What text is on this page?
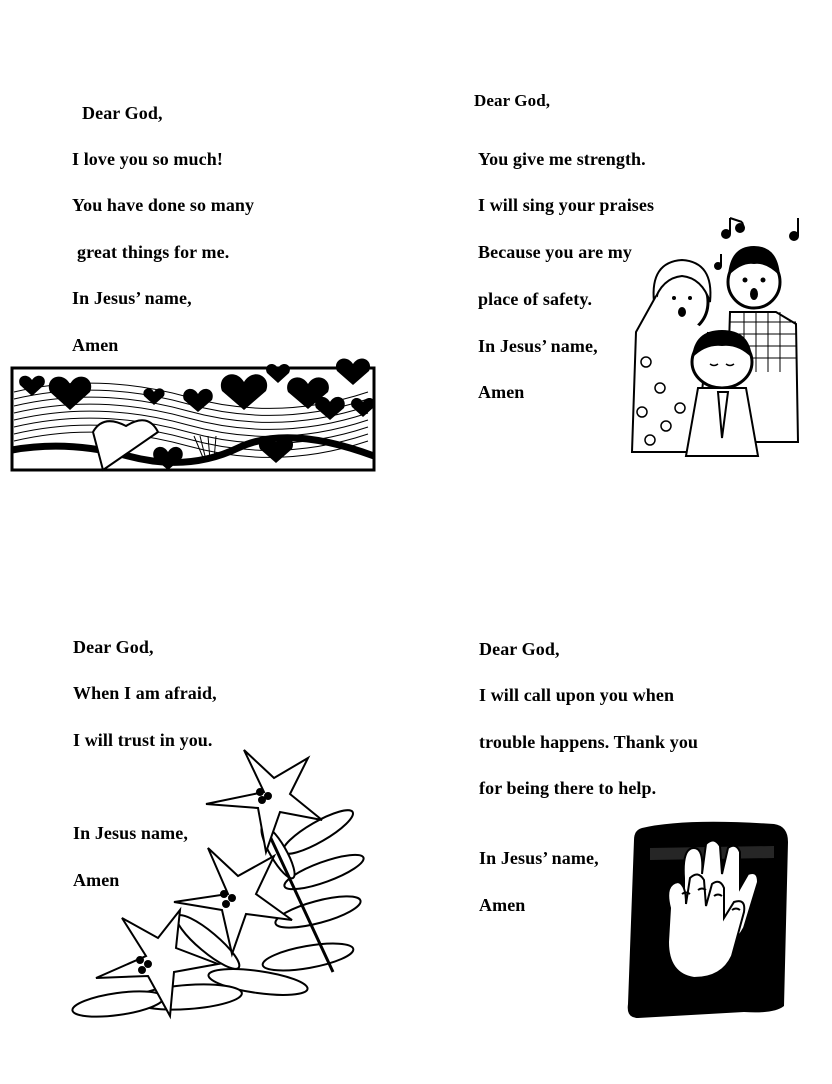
Dear God,
I love you so much!
You have done so many
great things for me.
In Jesus’ name,
Amen
Dear God,
You give me strength.
I will sing your praises
Because you are my
place of safety.
In Jesus’ name,
Amen
Dear God,
When I am afraid,
I will trust in you.
In Jesus name,
Amen
Dear God,
I will call upon you when
trouble happens. Thank you
for being there to help.
In Jesus’ name,
Amen
